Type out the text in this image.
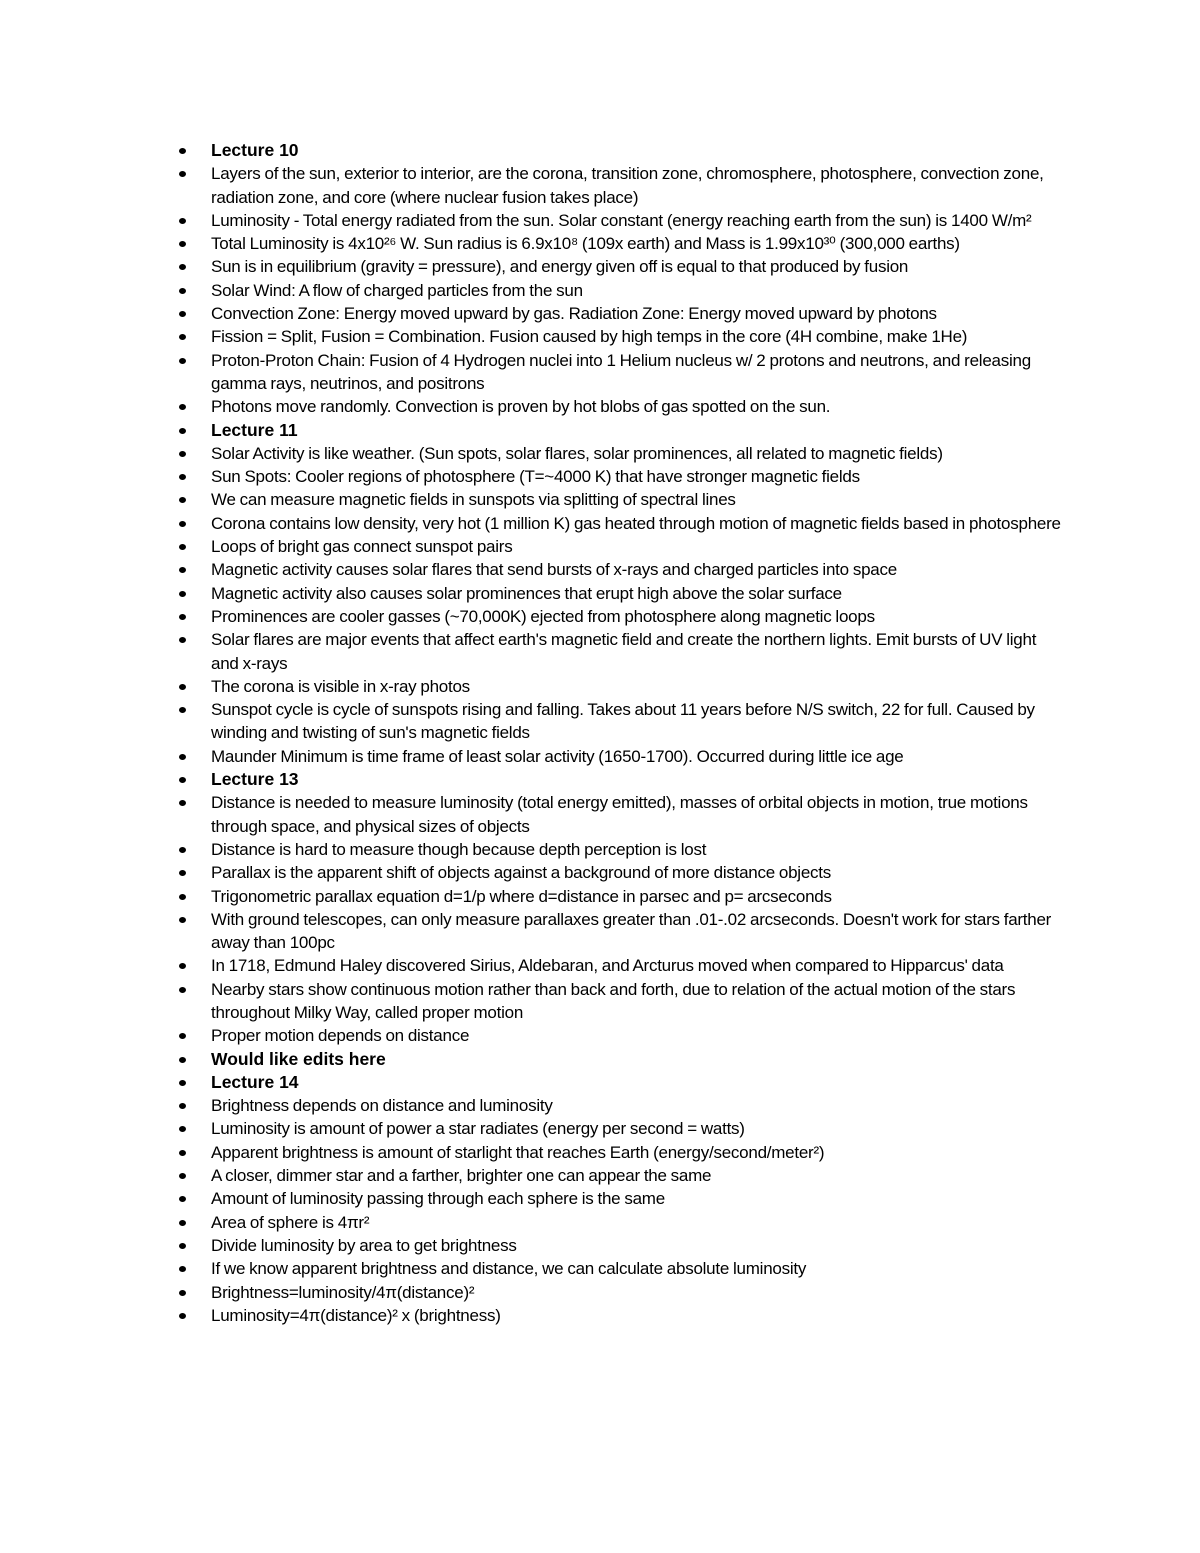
Lecture 10
Layers of the sun, exterior to interior, are the corona, transition zone, chromosphere, photosphere, convection zone, radiation zone, and core (where nuclear fusion takes place)
Luminosity - Total energy radiated from the sun. Solar constant (energy reaching earth from the sun) is 1400 W/m²
Total Luminosity is 4x10²⁶ W. Sun radius is 6.9x10⁸ (109x earth) and Mass is 1.99x10³⁰ (300,000 earths)
Sun is in equilibrium (gravity = pressure), and energy given off is equal to that produced by fusion
Solar Wind: A flow of charged particles from the sun
Convection Zone: Energy moved upward by gas. Radiation Zone: Energy moved upward by photons
Fission = Split, Fusion = Combination. Fusion caused by high temps in the core (4H combine, make 1He)
Proton-Proton Chain: Fusion of 4 Hydrogen nuclei into 1 Helium nucleus w/ 2 protons and neutrons, and releasing gamma rays, neutrinos, and positrons
Photons move randomly. Convection is proven by hot blobs of gas spotted on the sun.
Lecture 11
Solar Activity is like weather. (Sun spots, solar flares, solar prominences, all related to magnetic fields)
Sun Spots: Cooler regions of photosphere (T=~4000 K) that have stronger magnetic fields
We can measure magnetic fields in sunspots via splitting of spectral lines
Corona contains low density, very hot (1 million K) gas heated through motion of magnetic fields based in photosphere
Loops of bright gas connect sunspot pairs
Magnetic activity causes solar flares that send bursts of x-rays and charged particles into space
Magnetic activity also causes solar prominences that erupt high above the solar surface
Prominences are cooler gasses (~70,000K) ejected from photosphere along magnetic loops
Solar flares are major events that affect earth's magnetic field and create the northern lights. Emit bursts of UV light and x-rays
The corona is visible in x-ray photos
Sunspot cycle is cycle of sunspots rising and falling. Takes about 11 years before N/S switch, 22 for full. Caused by winding and twisting of sun's magnetic fields
Maunder Minimum is time frame of least solar activity (1650-1700). Occurred during little ice age
Lecture 13
Distance is needed to measure luminosity (total energy emitted), masses of orbital objects in motion, true motions through space, and physical sizes of objects
Distance is hard to measure though because depth perception is lost
Parallax is the apparent shift of objects against a background of more distance objects
Trigonometric parallax equation d=1/p where d=distance in parsec and p= arcseconds
With ground telescopes, can only measure parallaxes greater than .01-.02 arcseconds. Doesn't work for stars farther away than 100pc
In 1718, Edmund Haley discovered Sirius, Aldebaran, and Arcturus moved when compared to Hipparcus' data
Nearby stars show continuous motion rather than back and forth, due to relation of the actual motion of the stars throughout Milky Way, called proper motion
Proper motion depends on distance
Would like edits here
Lecture 14
Brightness depends on distance and luminosity
Luminosity is amount of power a star radiates (energy per second = watts)
Apparent brightness is amount of starlight that reaches Earth (energy/second/meter²)
A closer, dimmer star and a farther, brighter one can appear the same
Amount of luminosity passing through each sphere is the same
Area of sphere is 4πr²
Divide luminosity by area to get brightness
If we know apparent brightness and distance, we can calculate absolute luminosity
Brightness=luminosity/4π(distance)²
Luminosity=4π(distance)² x (brightness)
